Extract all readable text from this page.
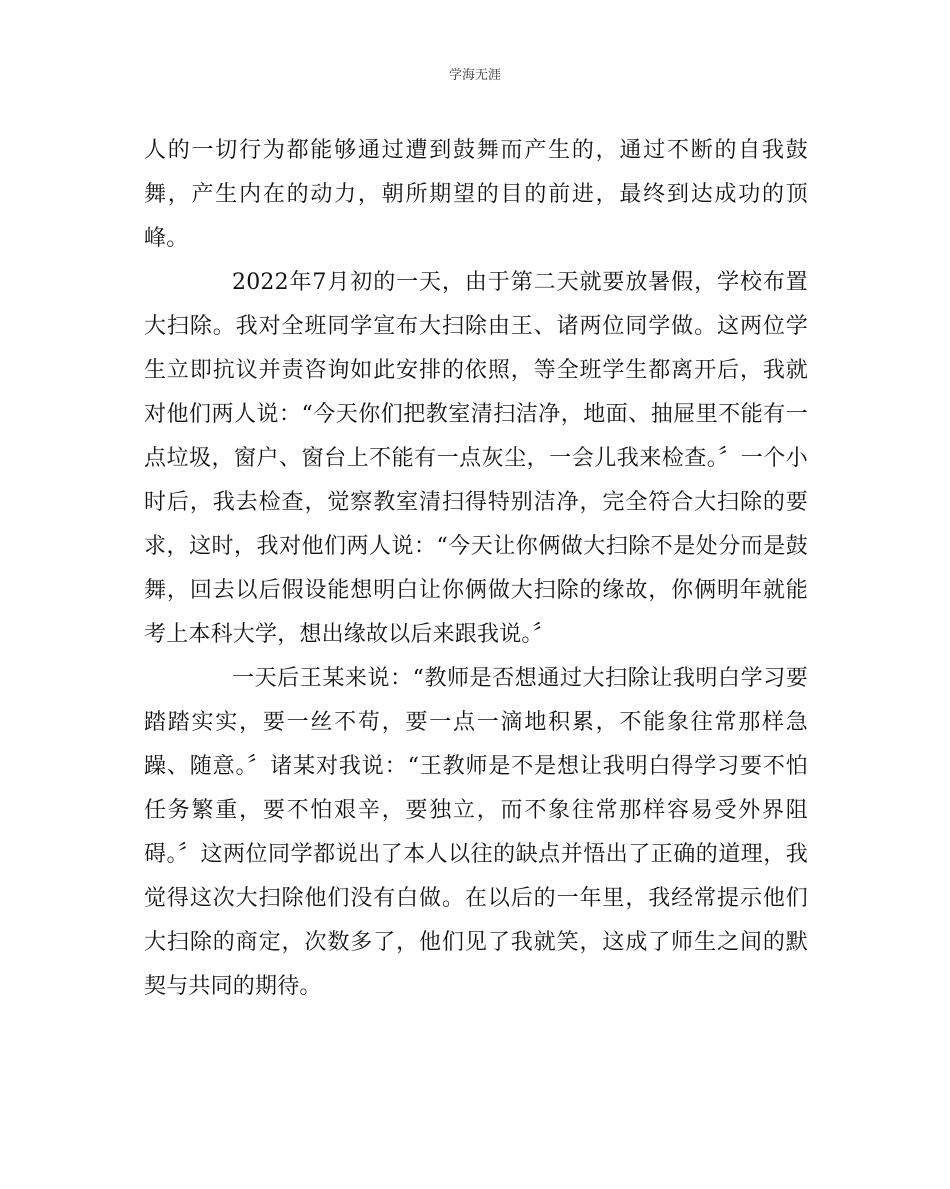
学海无涯

人的一切行为都能够通过遭到鼓舞而产生的，通过不断的自我鼓舞，产生内在的动力，朝所期望的目的前进，最终到达成功的顶峰。

2022年7月初的一天，由于第二天就要放暑假，学校布置大扫除。我对全班同学宣布大扫除由王、诸两位同学做。这两位学生立即抗议并责咨询如此安排的依照，等全班学生都离开后，我就对他们两人说：“今天你们把教室清扫洁净，地面、抽屉里不能有一点垃圾，窗户、窗台上不能有一点灰尘，一会儿我来检查。〞一个小时后，我去检查，觉察教室清扫得特别洁净，完全符合大扫除的要求，这时，我对他们两人说：“今天让你俩做大扫除不是处分而是鼓舞，回去以后假设能想明白让你俩做大扫除的缘故，你俩明年就能考上本科大学，想出缘故以后来跟我说。〞

一天后王某来说：“教师是否想通过大扫除让我明白学习要踏踏实实，要一丝不苟，要一点一滴地积累，不能象往常那样急躁、随意。〞诸某对我说：“王教师是不是想让我明白得学习要不怕任务繁重，要不怕艰辛，要独立，而不象往常那样容易受外界阻碍。〞这两位同学都说出了本人以往的缺点并悟出了正确的道理，我觉得这次大扫除他们没有白做。在以后的一年里，我经常提示他们大扫除的商定，次数多了，他们见了我就笑，这成了师生之间的默契与共同的期待。
